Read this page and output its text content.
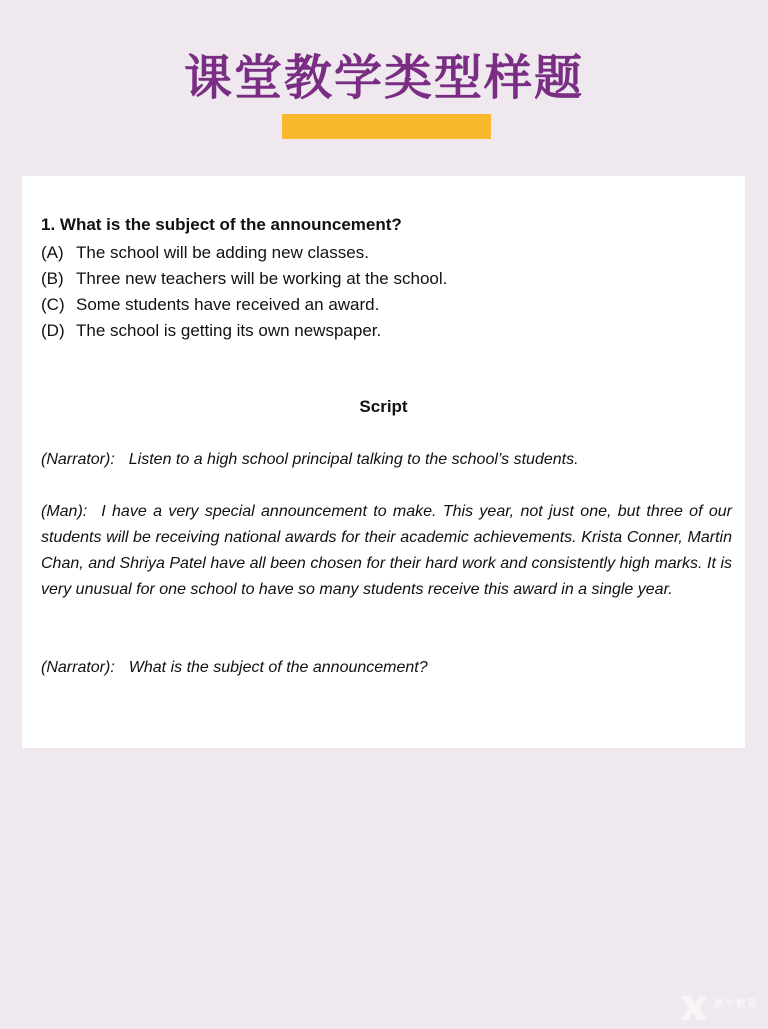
课堂教学类型样题
1. What is the subject of the announcement?
(A) The school will be adding new classes.
(B) Three new teachers will be working at the school.
(C) Some students have received an award.
(D) The school is getting its own newspaper.
Script
(Narrator): Listen to a high school principal talking to the school’s students.
(Man): I have a very special announcement to make. This year, not just one, but three of our students will be receiving national awards for their academic achievements. Krista Conner, Martin Chan, and Shriya Patel have all been chosen for their hard work and consistently high marks. It is very unusual for one school to have so many students receive this award in a single year.
(Narrator): What is the subject of the announcement?
犀牛教育
